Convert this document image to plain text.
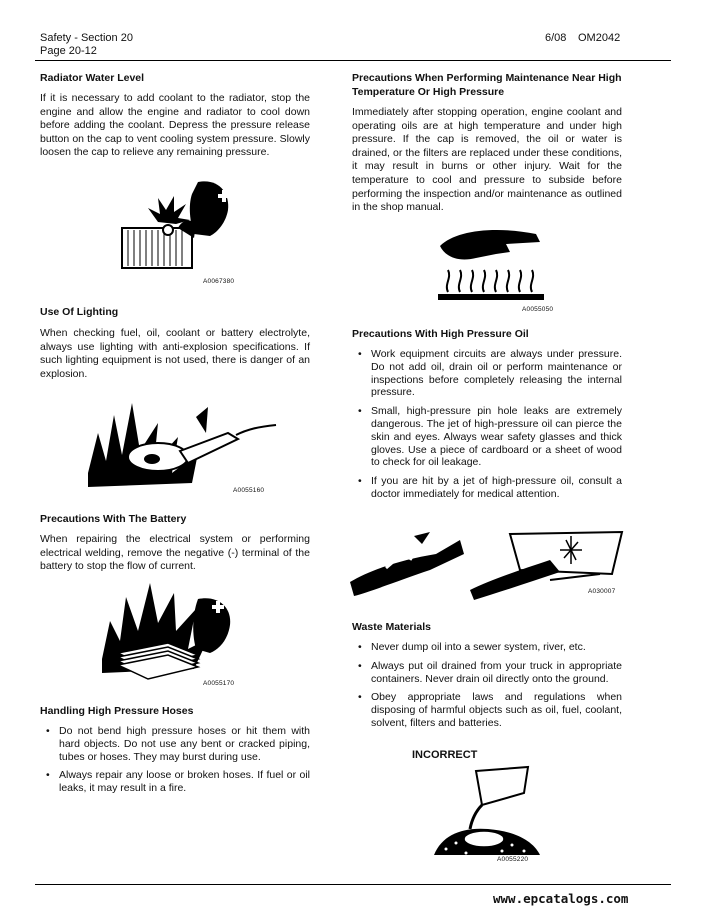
Safety - Section 20
Page 20-12
6/08 OM2042
Radiator Water Level
If it is necessary to add coolant to the radiator, stop the engine and allow the engine and radiator to cool down before adding the coolant. Depress the pressure release button on the cap to vent cooling system pressure. Slowly loosen the cap to relieve any remaining pressure.
A0067380
Use Of Lighting
When checking fuel, oil, coolant or battery electrolyte, always use lighting with anti-explosion specifications. If such lighting equipment is not used, there is danger of an explosion.
A0055160
Precautions With The Battery
When repairing the electrical system or performing electrical welding, remove the negative (-) terminal of the battery to stop the flow of current.
A0055170
Handling High Pressure Hoses
• Do not bend high pressure hoses or hit them with hard objects. Do not use any bent or cracked piping, tubes or hoses. They may burst during use.
• Always repair any loose or broken hoses. If fuel or oil leaks, it may result in a fire.
Precautions When Performing Maintenance Near High Temperature Or High Pressure
Immediately after stopping operation, engine coolant and operating oils are at high temperature and under high pressure. If the cap is removed, the oil or water is drained, or the filters are replaced under these conditions, it may result in burns or other injury. Wait for the temperature to cool and pressure to subside before performing the inspection and/or maintenance as outlined in the shop manual.
A0055050
Precautions With High Pressure Oil
• Work equipment circuits are always under pressure. Do not add oil, drain oil or perform maintenance or inspections before completely releasing the internal pressure.
• Small, high-pressure pin hole leaks are extremely dangerous. The jet of high-pressure oil can pierce the skin and eyes. Always wear safety glasses and thick gloves. Use a piece of cardboard or a sheet of wood to check for oil leakage.
• If you are hit by a jet of high-pressure oil, consult a doctor immediately for medical attention.
A030007
Waste Materials
• Never dump oil into a sewer system, river, etc.
• Always put oil drained from your truck in appropriate containers. Never drain oil directly onto the ground.
• Obey appropriate laws and regulations when disposing of harmful objects such as oil, fuel, coolant, solvent, filters and batteries.
INCORRECT
A0055220
www.epcatalogs.com
